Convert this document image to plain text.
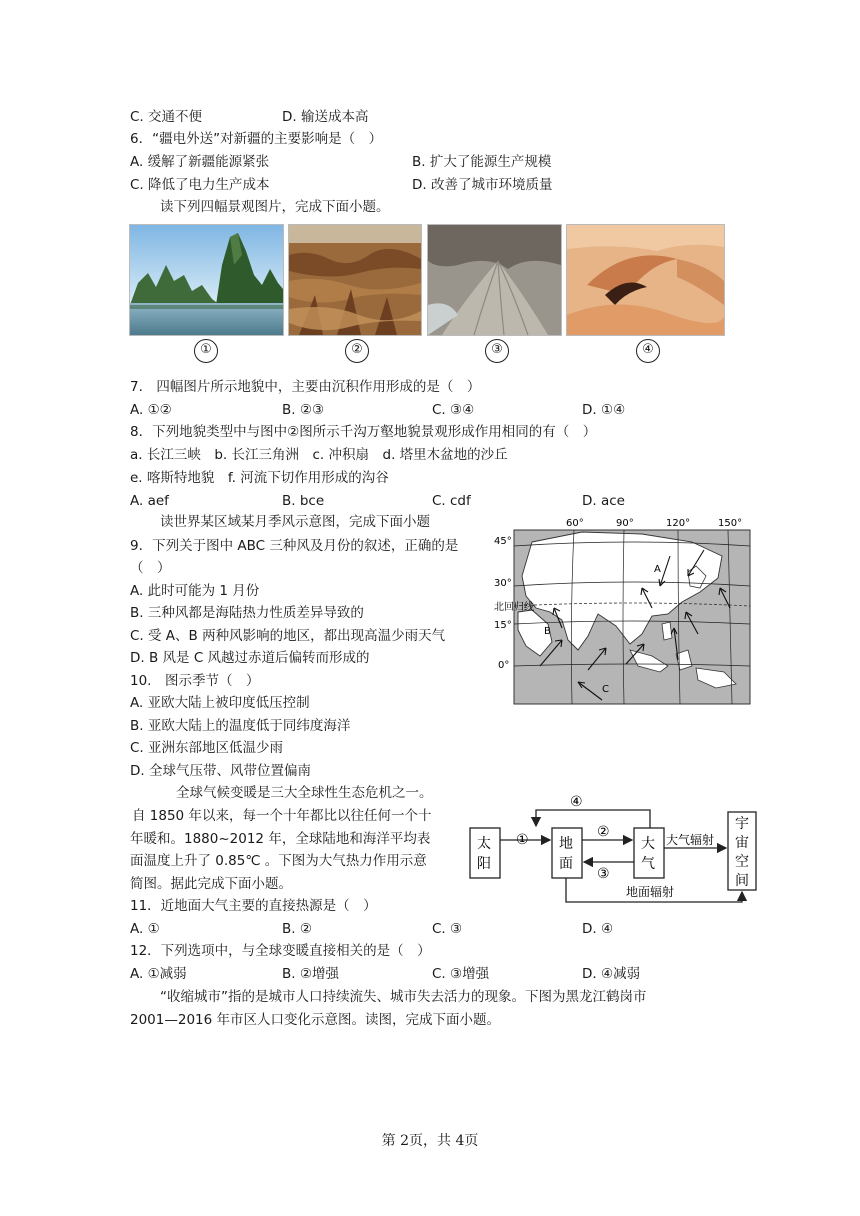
C. 交通不便	D. 输送成本高
6．“疆电外送”对新疆的主要影响是（　）
A. 缓解了新疆能源紧张	B. 扩大了能源生产规模
C. 降低了电力生产成本	D. 改善了城市环境质量
读下列四幅景观图片，完成下面小题。
①	②	③	④
7.　四幅图片所示地貌中，主要由沉积作用形成的是（　）
A. ①②	B. ②③	C. ③④	D. ①④
8．下列地貌类型中与图中②图所示千沟万壑地貌景观形成作用相同的有（　）
a. 长江三峡　b. 长江三角洲　c. 冲积扇　d. 塔里木盆地的沙丘
e. 喀斯特地貌　f. 河流下切作用形成的沟谷
A. aef	B. bce	C. cdf	D. ace
读世界某区域某月季风示意图，完成下面小题
9．下列关于图中 ABC 三种风及月份的叙述，正确的是
（　）
A. 此时可能为 1 月份
B. 三种风都是海陆热力性质差异导致的
C. 受 A、B 两种风影响的地区，都出现高温少雨天气
D. B 风是 C 风越过赤道后偏转而形成的
10.　图示季节（　）
A. 亚欧大陆上被印度低压控制
B. 亚欧大陆上的温度低于同纬度海洋
C. 亚洲东部地区低温少雨
D. 全球气压带、风带位置偏南
60°	90°	120°	150°
45°
30°
15°
0°
北回归线
A
B
C
全球气候变暖是三大全球性生态危机之一。
自 1850 年以来，每一个十年都比以往任何一个十
年暖和。1880~2012 年，全球陆地和海洋平均表
面温度上升了 0.85℃ 。下图为大气热力作用示意
简图。据此完成下面小题。
太
阳
地
面
大
气
宇
宙
空
间
①	②
③
④
大气辐射
地面辐射
11．近地面大气主要的直接热源是（　）
A. ①	B. ②	C. ③	D. ④
12．下列选项中，与全球变暖直接相关的是（　）
A. ①减弱	B. ②增强	C. ③增强	D. ④减弱
“收缩城市”指的是城市人口持续流失、城市失去活力的现象。下图为黑龙江鹤岗市
2001—2016 年市区人口变化示意图。读图，完成下面小题。
第 2页，共 4页
